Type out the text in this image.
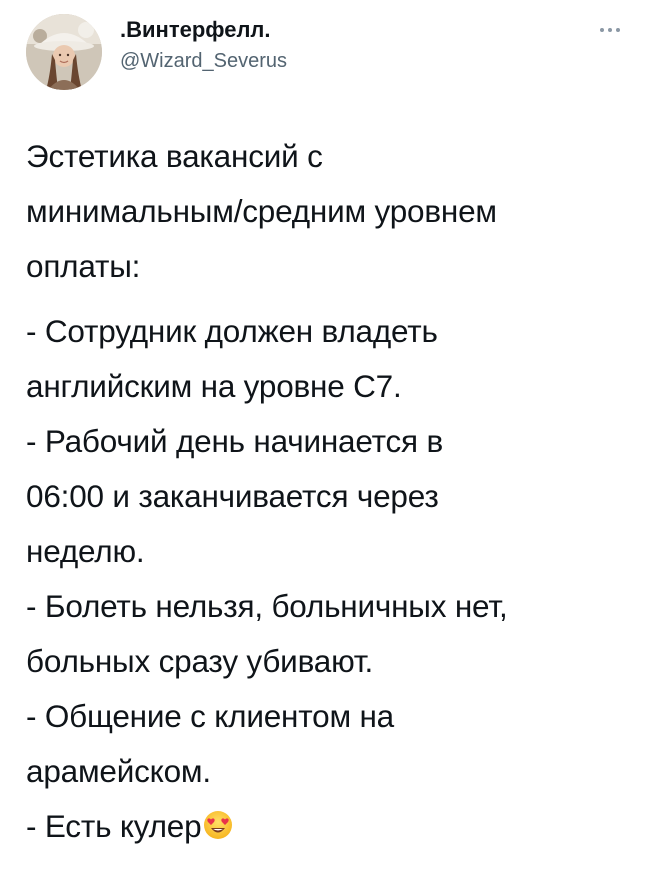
.Винтерфелл.
@Wizard_Severus
Эстетика вакансий с
минимальным/средним уровнем
оплаты:
- Сотрудник должен владеть
английским на уровне С7.
- Рабочий день начинается в
06:00 и заканчивается через
неделю.
- Болеть нельзя, больничных нет,
больных сразу убивают.
- Общение с клиентом на
арамейском.
- Есть кулер
